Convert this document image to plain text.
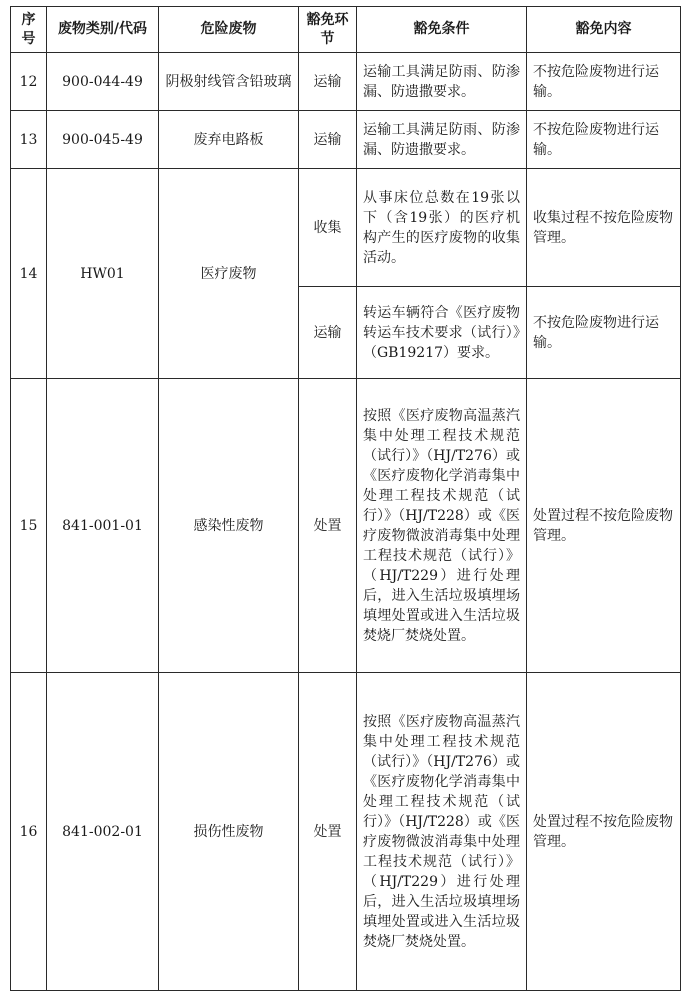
序号	废物类别/代码	危险废物	豁免环节	豁免条件	豁免内容
12	900-044-49	阴极射线管含铅玻璃	运输	运输工具满足防雨、防渗漏、防遗撒要求。	不按危险废物进行运输。
13	900-045-49	废弃电路板	运输	运输工具满足防雨、防渗漏、防遗撒要求。	不按危险废物进行运输。
14	HW01	医疗废物	收集	从事床位总数在19张以下（含19张）的医疗机构产生的医疗废物的收集活动。	收集过程不按危险废物管理。
			运输	转运车辆符合《医疗废物转运车技术要求（试行）》（GB19217）要求。	不按危险废物进行运输。
15	841-001-01	感染性废物	处置	按照《医疗废物高温蒸汽集中处理工程技术规范（试行）》（HJ/T276）或《医疗废物化学消毒集中处理工程技术规范（试行）》（HJ/T228）或《医疗废物微波消毒集中处理工程技术规范（试行）》（HJ/T229）进行处理后，进入生活垃圾填埋场填埋处置或进入生活垃圾焚烧厂焚烧处置。	处置过程不按危险废物管理。
16	841-002-01	损伤性废物	处置	按照《医疗废物高温蒸汽集中处理工程技术规范（试行）》（HJ/T276）或《医疗废物化学消毒集中处理工程技术规范（试行）》（HJ/T228）或《医疗废物微波消毒集中处理工程技术规范（试行）》（HJ/T229）进行处理后，进入生活垃圾填埋场填埋处置或进入生活垃圾焚烧厂焚烧处置。	处置过程不按危险废物管理。
